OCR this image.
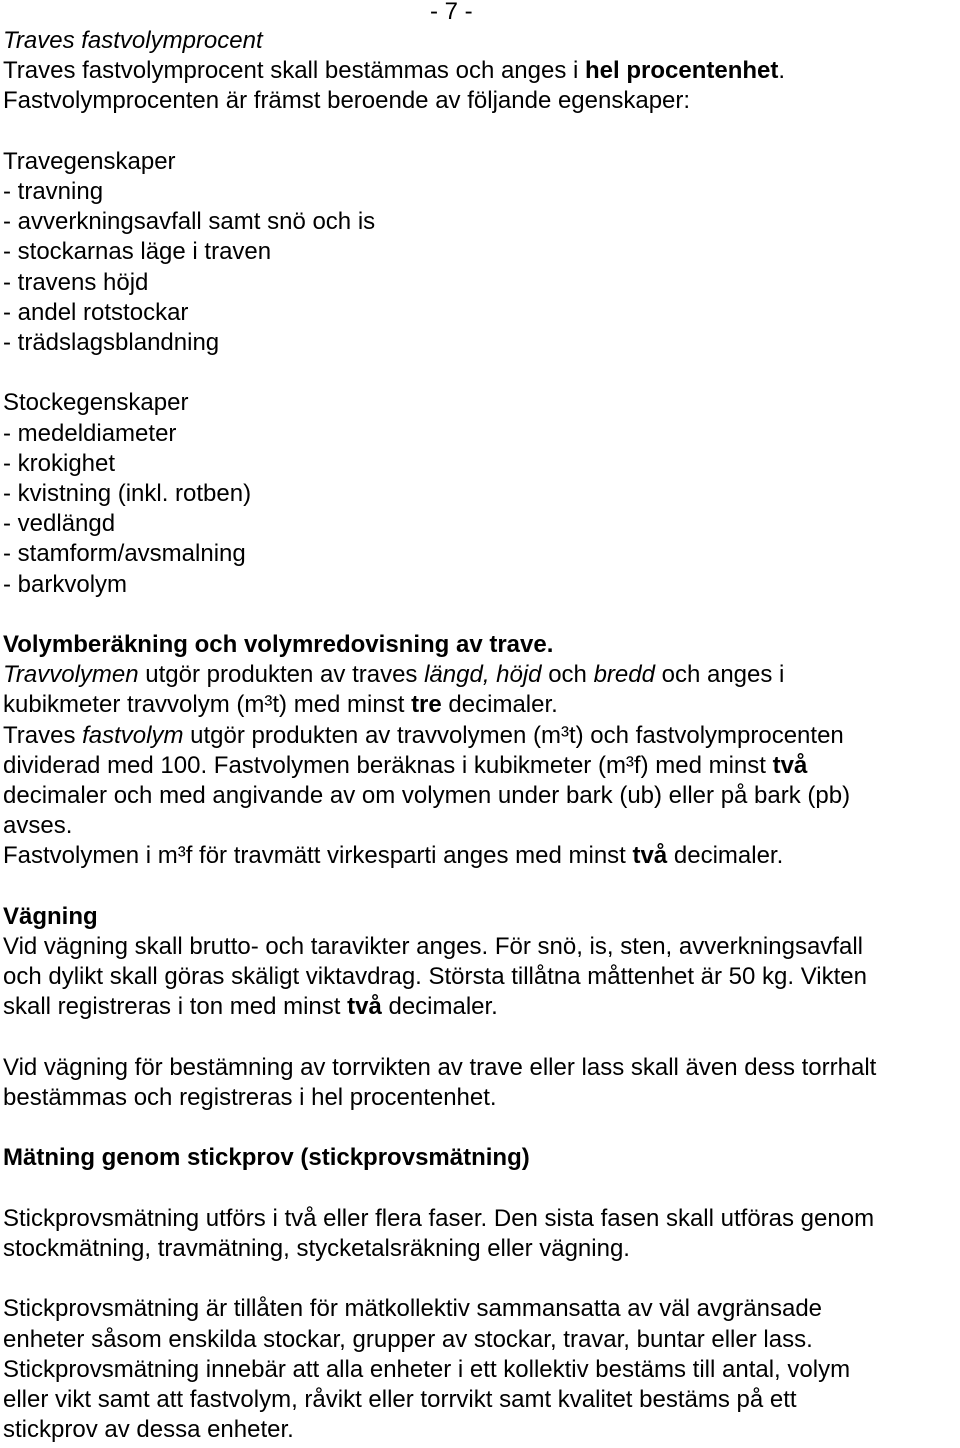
- 7 -
Traves fastvolymprocent
Traves fastvolymprocent skall bestämmas och anges i hel procentenhet.
Fastvolymprocenten är främst beroende av följande egenskaper:
Travegenskaper
- travning
- avverkningsavfall samt snö och is
- stockarnas läge i traven
- travens höjd
- andel rotstockar
- trädslagsblandning
Stockegenskaper
- medeldiameter
- krokighet
- kvistning (inkl. rotben)
- vedlängd
- stamform/avsmalning
- barkvolym
Volymberäkning och volymredovisning av trave.
Travvolymen utgör produkten av traves längd, höjd och bredd och anges i
kubikmeter travvolym (m³t) med minst tre decimaler.
Traves fastvolym utgör produkten av travvolymen (m³t) och fastvolymprocenten
dividerad med 100. Fastvolymen beräknas i kubikmeter (m³f) med minst två
decimaler och med angivande av om volymen under bark (ub) eller på bark (pb)
avses.
Fastvolymen i m³f för travmätt virkesparti anges med minst två decimaler.
Vägning
Vid vägning skall brutto- och taravikter anges. För snö, is, sten, avverkningsavfall
och dylikt skall göras skäligt viktavdrag. Största tillåtna måttenhet är 50 kg. Vikten
skall registreras i ton med minst två decimaler.
Vid vägning för bestämning av torrvikten av trave eller lass skall även dess torrhalt
bestämmas och registreras i hel procentenhet.
Mätning genom stickprov (stickprovsmätning)
Stickprovsmätning utförs i två eller flera faser. Den sista fasen skall utföras genom
stockmätning, travmätning, stycketalsräkning eller vägning.
Stickprovsmätning är tillåten för mätkollektiv sammansatta av väl avgränsade
enheter såsom enskilda stockar, grupper av stockar, travar, buntar eller lass.
Stickprovsmätning innebär att alla enheter i ett kollektiv bestäms till antal, volym
eller vikt samt att fastvolym, råvikt eller torrvikt samt kvalitet bestäms på ett
stickprov av dessa enheter.
